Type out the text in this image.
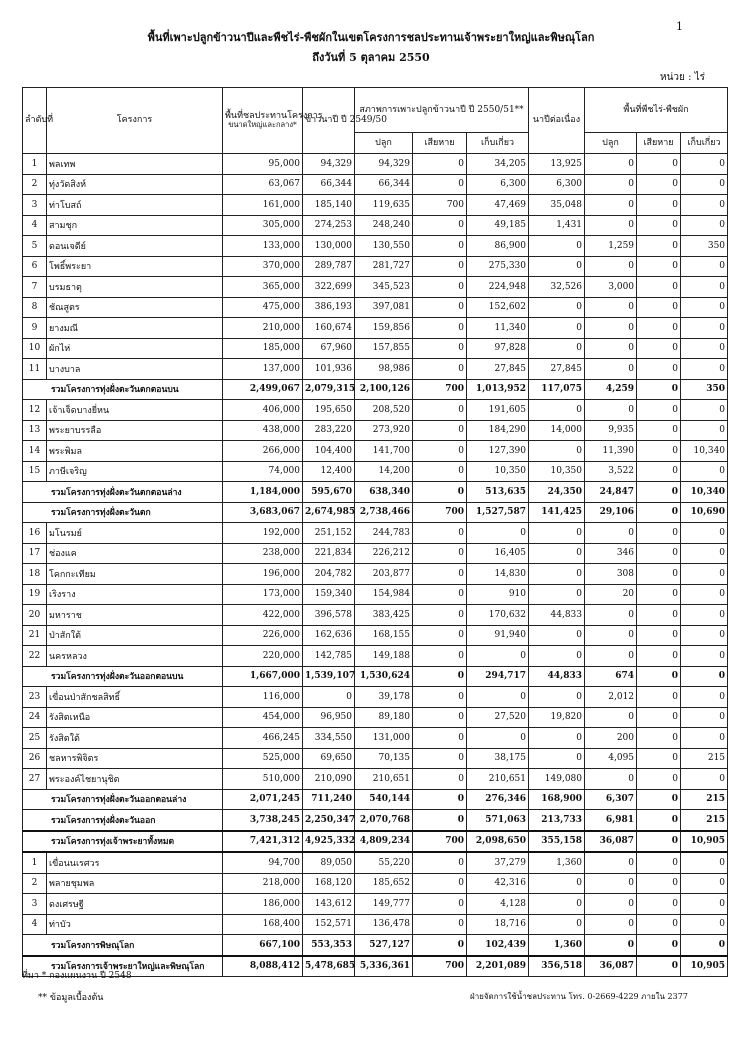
1
พื้นที่เพาะปลูกข้าวนาปีและพืชไร่-พืชผักในเขตโครงการชลประทานเจ้าพระยาใหญ่และพิษณุโลก
ถึงวันที่ 5 ตุลาคม 2550
หน่วย : ไร่
ลำดับที่	โครงการ	พื้นที่ชลประทานโครงการ
ขนาดใหญ่และกลาง*	ข้าวนาปี ปี 2549/50	สภาพการเพาะปลูกข้าวนาปี ปี 2550/51**			นาปีต่อเนื่อง	พื้นที่พืชไร่-พืชผัก		
				ปลูก	เสียหาย	เก็บเกี่ยว		ปลูก	เสียหาย	เก็บเกี่ยว
1	พลเทพ	95,000	94,329	94,329	0	34,205	13,925	0	0	0
2	ทุ่งวัดสิงห์	63,067	66,344	66,344	0	6,300	6,300	0	0	0
3	ท่าโบสถ์	161,000	185,140	119,635	700	47,469	35,048	0	0	0
4	สามชุก	305,000	274,253	248,240	0	49,185	1,431	0	0	0
5	ดอนเจดีย์	133,000	130,000	130,550	0	86,900	0	1,259	0	350
6	โพธิ์พระยา	370,000	289,787	281,727	0	275,330	0	0	0	0
7	บรมธาตุ	365,000	322,699	345,523	0	224,948	32,526	3,000	0	0
8	ชัณสูตร	475,000	386,193	397,081	0	152,602	0	0	0	0
9	ยางมณี	210,000	160,674	159,856	0	11,340	0	0	0	0
10	ผักไห่	185,000	67,960	157,855	0	97,828	0	0	0	0
11	บางบาล	137,000	101,936	98,986	0	27,845	27,845	0	0	0
รวมโครงการทุ่งฝั่งตะวันตกตอนบน		2,499,067	2,079,315	2,100,126	700	1,013,952	117,075	4,259	0	350
12	เจ้าเจ็ดบางยี่หน	406,000	195,650	208,520	0	191,605	0	0	0	0
13	พระยาบรรลือ	438,000	283,220	273,920	0	184,290	14,000	9,935	0	0
14	พระพิมล	266,000	104,400	141,700	0	127,390	0	11,390	0	10,340
15	ภาษีเจริญ	74,000	12,400	14,200	0	10,350	10,350	3,522	0	0
รวมโครงการทุ่งฝั่งตะวันตกตอนล่าง		1,184,000	595,670	638,340	0	513,635	24,350	24,847	0	10,340
รวมโครงการทุ่งฝั่งตะวันตก		3,683,067	2,674,985	2,738,466	700	1,527,587	141,425	29,106	0	10,690
16	มโนรมย์	192,000	251,152	244,783	0	0	0	0	0	0
17	ช่องแค	238,000	221,834	226,212	0	16,405	0	346	0	0
18	โคกกะเทียม	196,000	204,782	203,877	0	14,830	0	308	0	0
19	เริงราง	173,000	159,340	154,984	0	910	0	20	0	0
20	มหาราช	422,000	396,578	383,425	0	170,632	44,833	0	0	0
21	ป่าสักใต้	226,000	162,636	168,155	0	91,940	0	0	0	0
22	นครหลวง	220,000	142,785	149,188	0	0	0	0	0	0
รวมโครงการทุ่งฝั่งตะวันออกตอนบน		1,667,000	1,539,107	1,530,624	0	294,717	44,833	674	0	0
23	เขื่อนป่าสักชลสิทธิ์	116,000	0	39,178	0	0	0	2,012	0	0
24	รังสิตเหนือ	454,000	96,950	89,180	0	27,520	19,820	0	0	0
25	รังสิตใต้	466,245	334,550	131,000	0	0	0	200	0	0
26	ชลหารพิจิตร	525,000	69,650	70,135	0	38,175	0	4,095	0	215
27	พระองค์ไชยานุชิต	510,000	210,090	210,651	0	210,651	149,080	0	0	0
รวมโครงการทุ่งฝั่งตะวันออกตอนล่าง		2,071,245	711,240	540,144	0	276,346	168,900	6,307	0	215
รวมโครงการทุ่งฝั่งตะวันออก		3,738,245	2,250,347	2,070,768	0	571,063	213,733	6,981	0	215
รวมโครงการทุ่งเจ้าพระยาทั้งหมด		7,421,312	4,925,332	4,809,234	700	2,098,650	355,158	36,087	0	10,905
1	เขื่อนนเรศวร	94,700	89,050	55,220	0	37,279	1,360	0	0	0
2	พลายชุมพล	218,000	168,120	185,652	0	42,316	0	0	0	0
3	ดงเศรษฐี	186,000	143,612	149,777	0	4,128	0	0	0	0
4	ท่าบัว	168,400	152,571	136,478	0	18,716	0	0	0	0
รวมโครงการพิษณุโลก		667,100	553,353	527,127	0	102,439	1,360	0	0	0
รวมโครงการเจ้าพระยาใหญ่และพิษณุโลก		8,088,412	5,478,685	5,336,361	700	2,201,089	356,518	36,087	0	10,905
ที่มา * กองแผนงาน ปี 2548
** ข้อมูลเบื้องต้น	ฝ่ายจัดการใช้น้ำชลประทาน โทร. 0-2669-4229 ภายใน 2377
